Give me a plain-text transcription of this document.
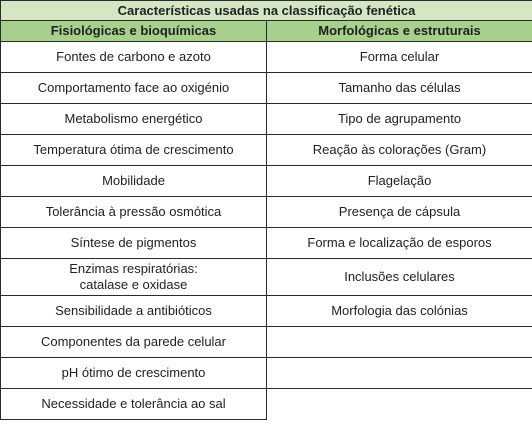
Características usadas na classificação fenética	
Fisiológicas e bioquímicas	Morfológicas e estruturais
Fontes de carbono e azoto	Forma celular
Comportamento face ao oxigénio	Tamanho das células
Metabolismo energético	Tipo de agrupamento
Temperatura ótima de crescimento	Reação às colorações (Gram)
Mobilidade	Flagelação
Tolerância à pressão osmótica	Presença de cápsula
Síntese de pigmentos	Forma e localização de esporos

Enzimas respiratórias:
catalase e oxidase	Inclusões celulares
Sensibilidade a antibióticos	Morfologia das colónias
Componentes da parede celular	
pH ótimo de crescimento	
Necessidade e tolerância ao sal	
